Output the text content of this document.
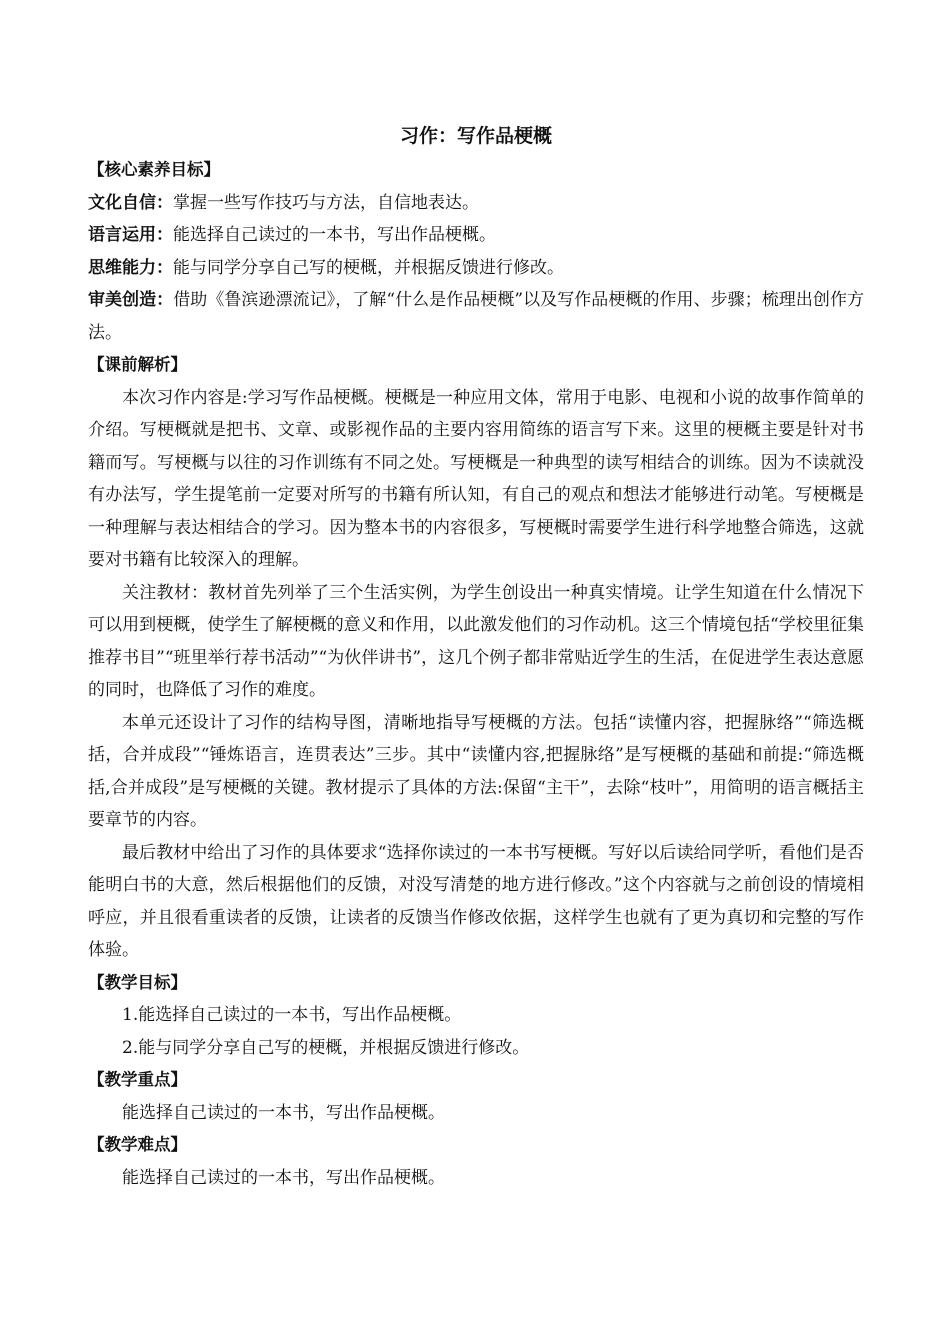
习作：写作品梗概

【核心素养目标】

文化自信：掌握一些写作技巧与方法，自信地表达。

语言运用：能选择自己读过的一本书，写出作品梗概。

思维能力：能与同学分享自己写的梗概，并根据反馈进行修改。

审美创造：借助《鲁滨逊漂流记》，了解“什么是作品梗概”以及写作品梗概的作用、步骤；梳理出创作方法。

【课前解析】

本次习作内容是:学习写作品梗概。梗概是一种应用文体，常用于电影、电视和小说的故事作简单的介绍。写梗概就是把书、文章、或影视作品的主要内容用简练的语言写下来。这里的梗概主要是针对书籍而写。写梗概与以往的习作训练有不同之处。写梗概是一种典型的读写相结合的训练。因为不读就没有办法写，学生提笔前一定要对所写的书籍有所认知，有自己的观点和想法才能够进行动笔。写梗概是一种理解与表达相结合的学习。因为整本书的内容很多，写梗概时需要学生进行科学地整合筛选，这就要对书籍有比较深入的理解。

关注教材：教材首先列举了三个生活实例，为学生创设出一种真实情境。让学生知道在什么情况下可以用到梗概，使学生了解梗概的意义和作用，以此激发他们的习作动机。这三个情境包括“学校里征集推荐书目”“班里举行荐书活动”“为伙伴讲书”，这几个例子都非常贴近学生的生活，在促进学生表达意愿的同时，也降低了习作的难度。

本单元还设计了习作的结构导图，清晰地指导写梗概的方法。包括“读懂内容，把握脉络”“筛选概括，合并成段”“锤炼语言，连贯表达”三步。其中“读懂内容,把握脉络”是写梗概的基础和前提:“筛选概括,合并成段”是写梗概的关键。教材提示了具体的方法:保留“主干”，去除“枝叶”，用简明的语言概括主要章节的内容。

最后教材中给出了习作的具体要求“选择你读过的一本书写梗概。写好以后读给同学听，看他们是否能明白书的大意，然后根据他们的反馈，对没写清楚的地方进行修改。”这个内容就与之前创设的情境相呼应，并且很看重读者的反馈，让读者的反馈当作修改依据，这样学生也就有了更为真切和完整的写作体验。

【教学目标】

1.能选择自己读过的一本书，写出作品梗概。

2.能与同学分享自己写的梗概，并根据反馈进行修改。

【教学重点】

能选择自己读过的一本书，写出作品梗概。

【教学难点】

能选择自己读过的一本书，写出作品梗概。
